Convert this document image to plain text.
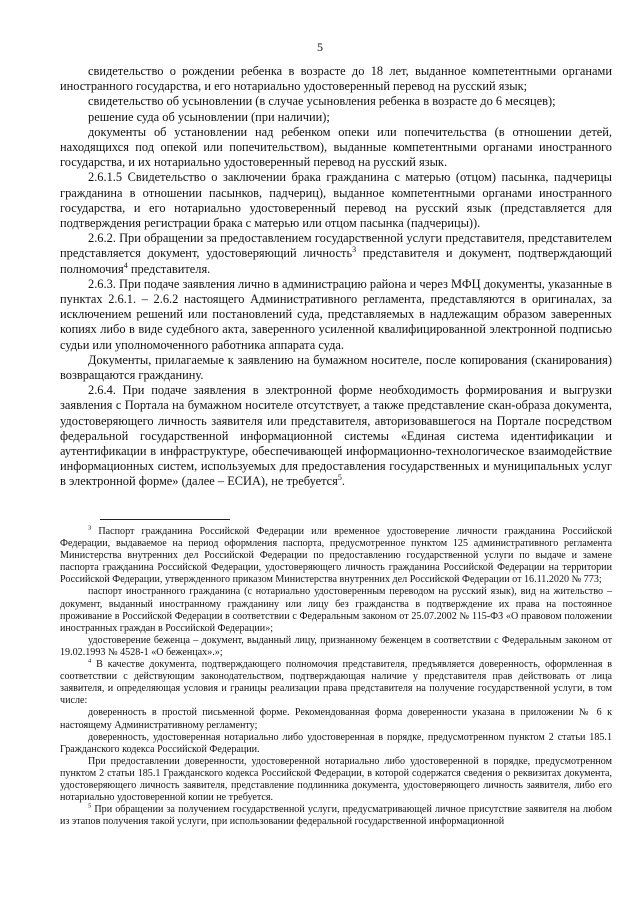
5

свидетельство о рождении ребенка в возрасте до 18 лет, выданное компетентными органами иностранного государства, и его нотариально удостоверенный перевод на русский язык;

свидетельство об усыновлении (в случае усыновления ребенка в возрасте до 6 месяцев);

решение суда об усыновлении (при наличии);

документы об установлении над ребенком опеки или попечительства (в отношении детей, находящихся под опекой или попечительством), выданные компетентными органами иностранного государства, и их нотариально удостоверенный перевод на русский язык.

2.6.1.5 Свидетельство о заключении брака гражданина с матерью (отцом) пасынка, падчерицы гражданина в отношении пасынков, падчериц), выданное компетентными органами иностранного государства, и его нотариально удостоверенный перевод на русский язык (представляется для подтверждения регистрации брака с матерью или отцом пасынка (падчерицы)).

2.6.2. При обращении за предоставлением государственной услуги представителя, представителем представляется документ, удостоверяющий личность$^3$ представителя и документ, подтверждающий полномочия$^4$ представителя.

2.6.3. При подаче заявления лично в администрацию района и через МФЦ документы, указанные в пунктах 2.6.1. – 2.6.2 настоящего Административного регламента, представляются в оригиналах, за исключением решений или постановлений суда, представляемых в надлежащим образом заверенных копиях либо в виде судебного акта, заверенного усиленной квалифицированной электронной подписью судьи или уполномоченного работника аппарата суда.

Документы, прилагаемые к заявлению на бумажном носителе, после копирования (сканирования) возвращаются гражданину.

2.6.4. При подаче заявления в электронной форме необходимость формирования и выгрузки заявления с Портала на бумажном носителе отсутствует, а также представление скан-образа документа, удостоверяющего личность заявителя или представителя, авторизовавшегося на Портале посредством федеральной государственной информационной системы «Единая система идентификации и аутентификации в инфраструктуре, обеспечивающей информационно-технологическое взаимодействие информационных систем, используемых для предоставления государственных и муниципальных услуг в электронной форме» (далее – ЕСИА), не требуется$^5$.

$^3$ Паспорт гражданина Российской Федерации или временное удостоверение личности гражданина Российской Федерации, выдаваемое на период оформления паспорта, предусмотренное пунктом 125 административного регламента Министерства внутренних дел Российской Федерации по предоставлению государственной услуги по выдаче и замене паспорта гражданина Российской Федерации, удостоверяющего личность гражданина Российской Федерации на территории Российской Федерации, утвержденного приказом Министерства внутренних дел Российской Федерации от 16.11.2020 № 773;

паспорт иностранного гражданина (с нотариально удостоверенным переводом на русский язык), вид на жительство – документ, выданный иностранному гражданину или лицу без гражданства в подтверждение их права на постоянное проживание в Российской Федерации в соответствии с Федеральным законом от 25.07.2002 № 115-ФЗ «О правовом положении иностранных граждан в Российской Федерации»;

удостоверение беженца – документ, выданный лицу, признанному беженцем в соответствии с Федеральным законом от 19.02.1993 № 4528-1 «О беженцах».»;

$^4$ В качестве документа, подтверждающего полномочия представителя, предъявляется доверенность, оформленная в соответствии с действующим законодательством, подтверждающая наличие у представителя прав действовать от лица заявителя, и определяющая условия и границы реализации права представителя на получение государственной услуги, в том числе:

доверенность в простой письменной форме. Рекомендованная форма доверенности указана в приложении № 6 к настоящему Административному регламенту;

доверенность, удостоверенная нотариально либо удостоверенная в порядке, предусмотренном пунктом 2 статьи 185.1 Гражданского кодекса Российской Федерации.

При предоставлении доверенности, удостоверенной нотариально либо удостоверенной в порядке, предусмотренном пунктом 2 статьи 185.1 Гражданского кодекса Российской Федерации, в которой содержатся сведения о реквизитах документа, удостоверяющего личность заявителя, представление подлинника документа, удостоверяющего личность заявителя, либо его нотариально удостоверенной копии не требуется.

$^5$ При обращении за получением государственной услуги, предусматривающей личное присутствие заявителя на любом из этапов получения такой услуги, при использовании федеральной государственной информационной
